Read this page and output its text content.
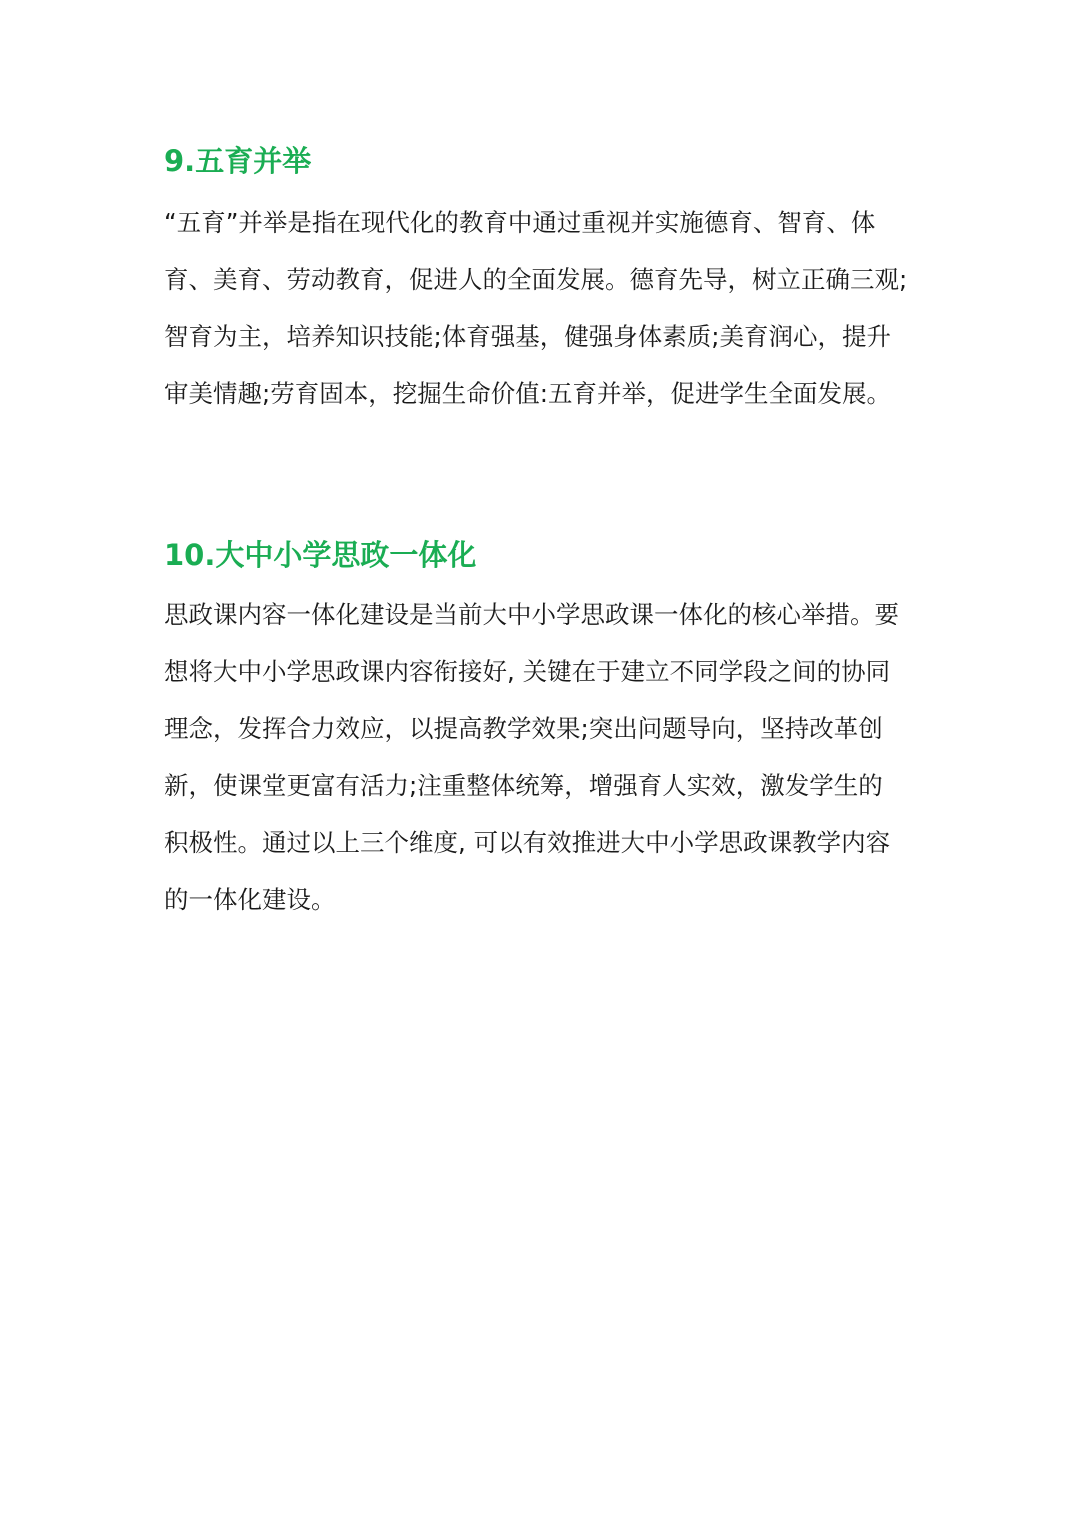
9.五育并举

“五育”并举是指在现代化的教育中通过重视并实施德育、智育、体
育、美育、劳动教育，促进人的全面发展。德育先导，树立正确三观;
智育为主，培养知识技能;体育强基，健强身体素质;美育润心，提升
审美情趣;劳育固本，挖掘生命价值:五育并举，促进学生全面发展。

10.大中小学思政一体化

思政课内容一体化建设是当前大中小学思政课一体化的核心举措。要
想将大中小学思政课内容衔接好, 关键在于建立不同学段之间的协同
理念，发挥合力效应，以提高教学效果;突出问题导向，坚持改革创
新，使课堂更富有活力;注重整体统筹，增强育人实效，激发学生的
积极性。通过以上三个维度, 可以有效推进大中小学思政课教学内容
的一体化建设。
